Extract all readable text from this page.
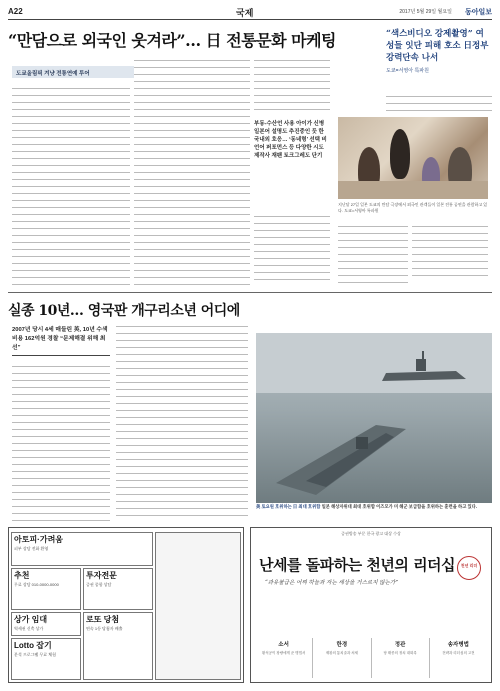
A22	국제	2017년 5월 29일 월요일 동아일보
“만담으로 외국인 웃겨라”… 日 전통문화 마케팅
도쿄올림픽 겨냥 전통연예 투어
부동-수산언 사용 아이가 신병 일본어 설명도 추진중인 듯 한 국내외 호응… ‘동네형’ 선택 비언어 퍼포먼스 등 다양한 시도 제작사 재팬 토크그레도 단기
지난달 27일 일본 도쿄의 만담 극장에서 외국인 관객들이 일본 전통 공연을 관람하고 있다. 도쿄=서영아 특파원
“색스비디오 강제촬영” 여성들 잇단 피해 호소 日정부 강력단속 나서
도쿄=서영아 특파원
실종 10년… 영국판 개구리소년 어디에
2007년 당시 4세 매들린 英, 10년 수색비용 162억원 경찰 “문제해결 위해 최선”
美 토요원 호위하는 日 최대 호위함 일본 해상자위대 최대 호위함 이즈모가 미 해군 보급함을 호위하는 훈련을 하고 있다.
아토피·가려움
피부 상담 전화 환영
추천
무료 상담 010-0000-0000
투자전문
증권 종합 상담
상가 임대
역세권 신축 상가
Lotto 잡기
분석 프로그램 무료 체험
로또 당첨
연속 1등 당첨자 배출
증권방송 부문 한국 광고 대상 수상
난세를 돌파하는 천년의 리더십
“과유불급은 어찌 하늘과 자는 세상을 거스르지 않는가”
천년 리더
소서
황석공이 장량에게 준 병법서
한경
제왕의 통치술과 처세
정관
당 태종의 정치 대화록
송자병법
전략과 리더십의 고전
